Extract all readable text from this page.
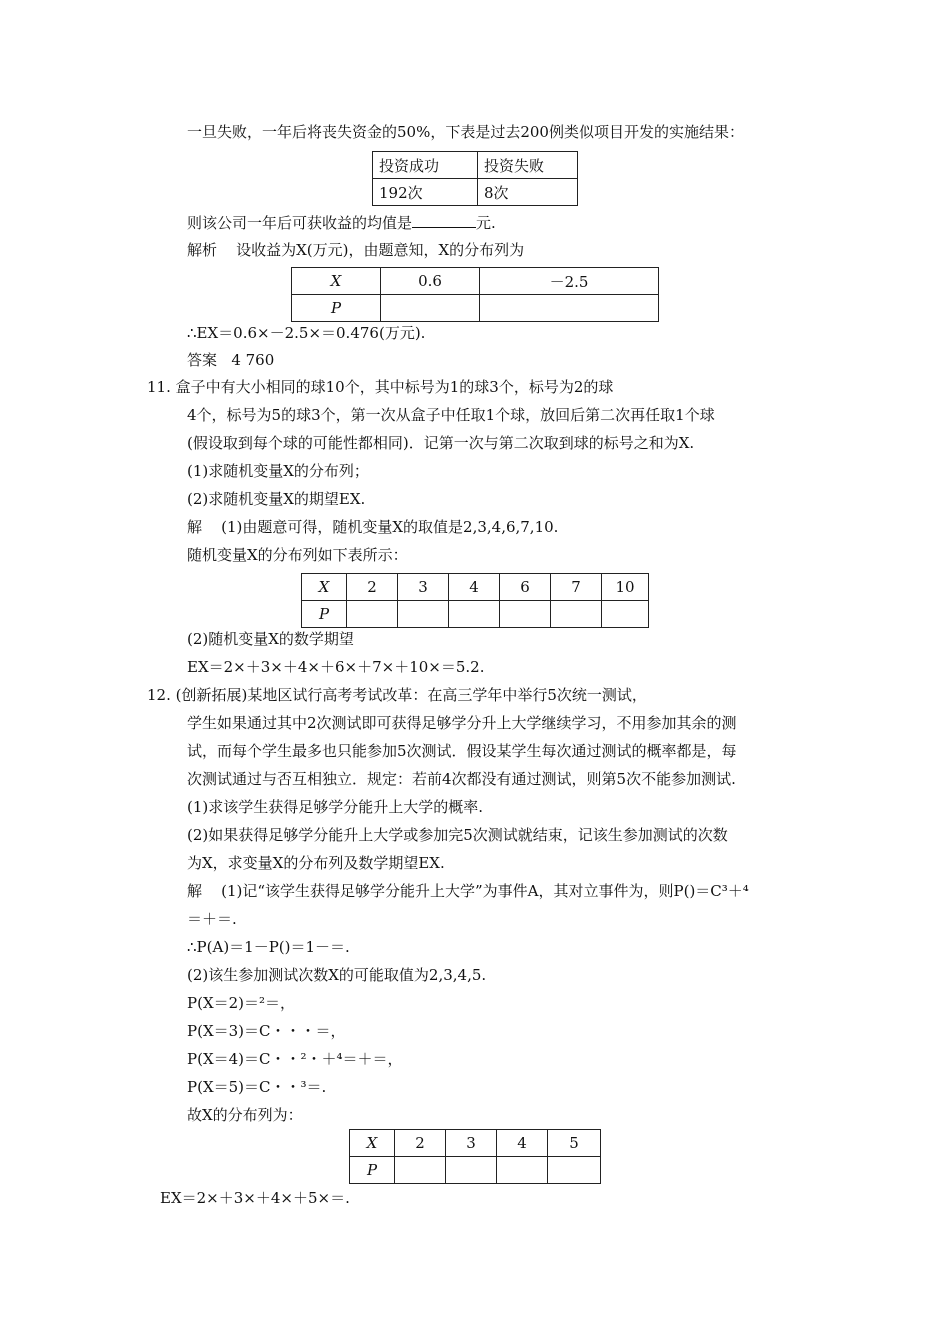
一旦失败，一年后将丧失资金的50%，下表是过去200例类似项目开发的实施结果：
投资成功	投资失败
192次	8次
则该公司一年后可获收益的均值是	元.
解析 设收益为X(万元)，由题意知，X的分布列为
X	0.6	－2.5
P		
∴EX＝0.6×－2.5×＝0.476(万元).
答案 4 760
11. 盒子中有大小相同的球10个，其中标号为1的球3个，标号为2的球
4个，标号为5的球3个，第一次从盒子中任取1个球，放回后第二次再任取1个球
(假设取到每个球的可能性都相同)．记第一次与第二次取到球的标号之和为X.
(1)求随机变量X的分布列；
(2)求随机变量X的期望EX.
解 (1)由题意可得，随机变量X的取值是2,3,4,6,7,10.
随机变量X的分布列如下表所示：
X	2	3	4	6	7	10
P						
(2)随机变量X的数学期望
EX＝2×＋3×＋4×＋6×＋7×＋10×＝5.2.
12. (创新拓展)某地区试行高考考试改革：在高三学年中举行5次统一测试，
学生如果通过其中2次测试即可获得足够学分升上大学继续学习，不用参加其余的测
试，而每个学生最多也只能参加5次测试．假设某学生每次通过测试的概率都是，每
次测试通过与否互相独立．规定：若前4次都没有通过测试，则第5次不能参加测试.
(1)求该学生获得足够学分能升上大学的概率.
(2)如果获得足够学分能升上大学或参加完5次测试就结束，记该生参加测试的次数
为X，求变量X的分布列及数学期望EX.
解 (1)记“该学生获得足够学分能升上大学”为事件A，其对立事件为，则P()＝C³＋⁴
＝＋＝.
∴P(A)＝1－P()＝1－＝.
(2)该生参加测试次数X的可能取值为2,3,4,5.
P(X＝2)＝²＝，
P(X＝3)＝C・・・＝，
P(X＝4)＝C・・²・＋⁴＝＋＝，
P(X＝5)＝C・・³＝.
故X的分布列为：
X	2	3	4	5
P				
EX＝2×＋3×＋4×＋5×＝.
